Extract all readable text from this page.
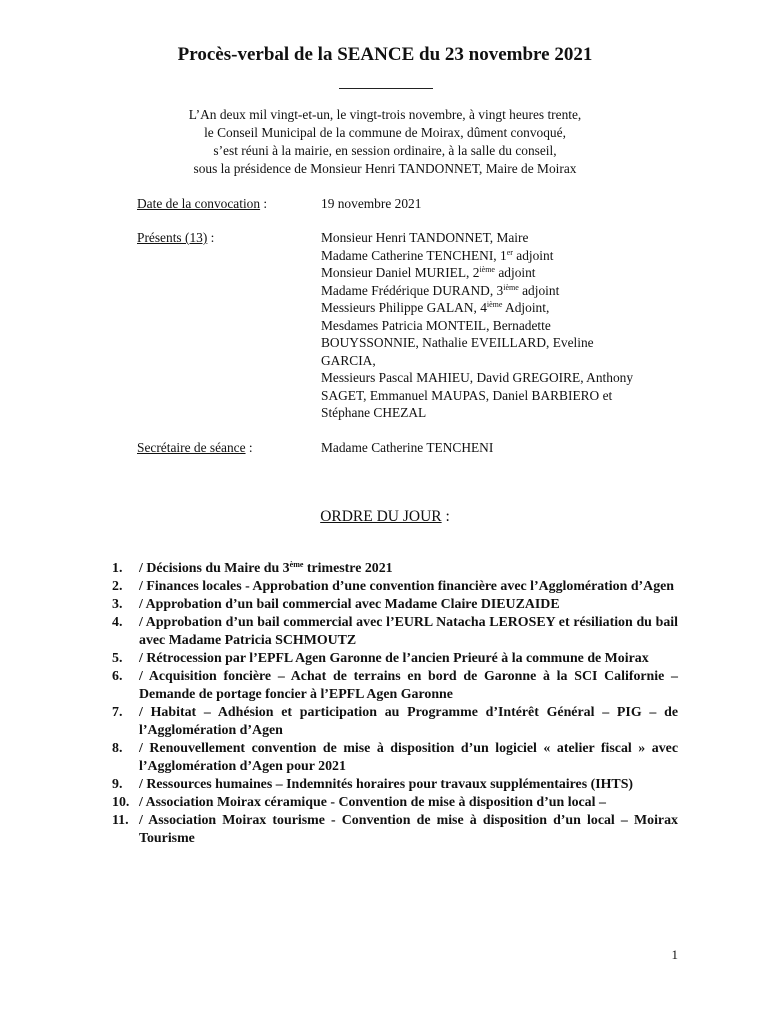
Procès-verbal de la SEANCE du 23 novembre 2021
L’An deux mil vingt-et-un, le vingt-trois novembre, à vingt heures trente,
le Conseil Municipal de la commune de Moirax, dûment convoqué,
s’est réuni à la mairie, en session ordinaire, à la salle du conseil,
sous la présidence de Monsieur Henri TANDONNET, Maire de Moirax
Date de la convocation :	19 novembre 2021
Présents (13) :	Monsieur Henri TANDONNET, Maire
Madame Catherine TENCHENI, 1er adjoint
Monsieur Daniel MURIEL, 2ième adjoint
Madame Frédérique DURAND, 3ième adjoint
Messieurs Philippe GALAN, 4ième Adjoint,
Mesdames Patricia MONTEIL, Bernadette
BOUYSSONNIE, Nathalie EVEILLARD, Eveline
GARCIA,
Messieurs Pascal MAHIEU, David GREGOIRE, Anthony
SAGET, Emmanuel MAUPAS, Daniel BARBIERO et
Stéphane CHEZAL
Secrétaire de séance :	Madame Catherine TENCHENI
ORDRE DU JOUR :
1. / Décisions du Maire du 3ème trimestre 2021
2. / Finances locales - Approbation d’une convention financière avec l’Agglomération d’Agen
3. / Approbation d’un bail commercial avec Madame Claire DIEUZAIDE
4. / Approbation d’un bail commercial avec l’EURL Natacha LEROSEY et résiliation du bail avec Madame Patricia SCHMOUTZ
5. / Rétrocession par l’EPFL Agen Garonne de l’ancien Prieuré à la commune de Moirax
6. / Acquisition foncière – Achat de terrains en bord de Garonne à la SCI Californie – Demande de portage foncier à l’EPFL Agen Garonne
7. / Habitat – Adhésion et participation au Programme d’Intérêt Général – PIG – de l’Agglomération d’Agen
8. / Renouvellement convention de mise à disposition d’un logiciel « atelier fiscal » avec l’Agglomération d’Agen pour 2021
9. / Ressources humaines – Indemnités horaires pour travaux supplémentaires (IHTS)
10. / Association Moirax céramique - Convention de mise à disposition d’un local –
11. / Association Moirax tourisme - Convention de mise à disposition d’un local – Moirax Tourisme
1
